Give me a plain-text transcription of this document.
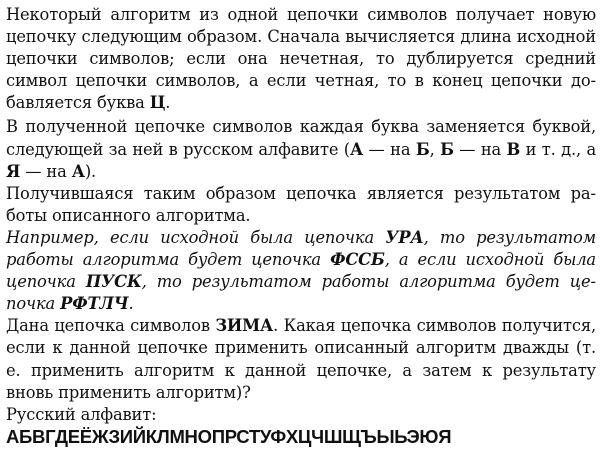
Некоторый алгоритм из одной цепочки символов получает новую цепочку следующим образом. Сначала вычисляется длина исходной цепочки символов; если она нечетная, то дублируется средний символ цепочки символов, а если четная, то в конец цепочки добавляется буква Ц.

В полученной цепочке символов каждая буква заменяется буквой, следующей за ней в русском алфавите (А — на Б, Б — на В и т. д., а Я — на А).

Получившаяся таким образом цепочка является результатом работы описанного алгоритма.

Например, если исходной была цепочка УРА, то результатом работы алгоритма будет цепочка ФССБ, а если исходной была цепочка ПУСК, то результатом работы алгоритма будет цепочка РФТЛЧ.

Дана цепочка символов ЗИМА. Какая цепочка символов получится, если к данной цепочке применить описанный алгоритм дважды (т. е. применить алгоритм к данной цепочке, а затем к результату вновь применить алгоритм)?

Русский алфавит:

АБВГДЕЁЖЗИЙКЛМНОПРСТУФХЦЧШЩЪЫЬЭЮЯ
